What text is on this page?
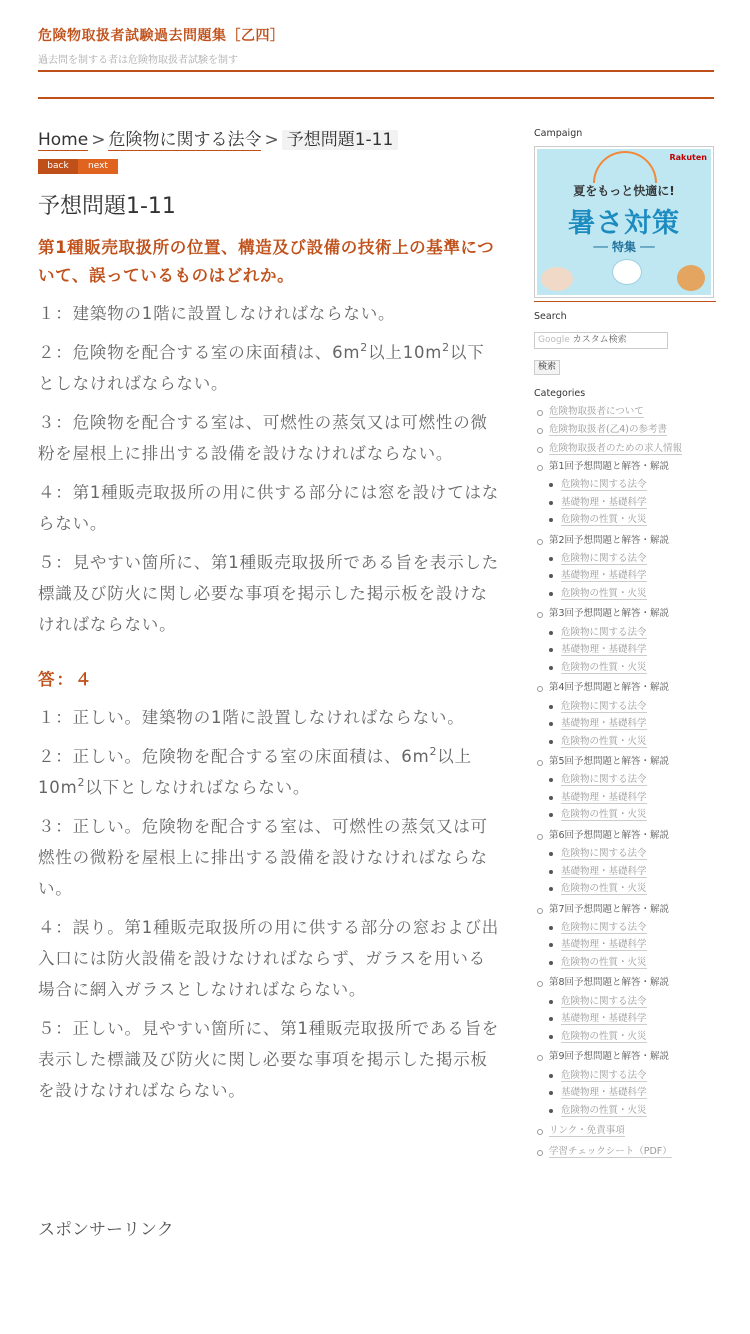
危険物取扱者試験過去問題集［乙四］
過去問を制する者は危険物取扱者試験を制す
Home > 危険物に関する法令 > 予想問題1-11
back	next
予想問題1-11

第1種販売取扱所の位置、構造及び設備の技術上の基準について、誤っているものはどれか。

１：建築物の1階に設置しなければならない。

２：危険物を配合する室の床面積は、$6m^2$以上$10m^2$以下としなければならない。

３：危険物を配合する室は、可燃性の蒸気又は可燃性の微粉を屋根上に排出する設備を設けなければならない。

４：第1種販売取扱所の用に供する部分には窓を設けてはならない。

５：見やすい箇所に、第1種販売取扱所である旨を表示した標識及び防火に関し必要な事項を掲示した掲示板を設けなければならない。

答：４

１：正しい。建築物の1階に設置しなければならない。

２：正しい。危険物を配合する室の床面積は、$6m^2$以上$10m^2$以下としなければならない。

３：正しい。危険物を配合する室は、可燃性の蒸気又は可燃性の微粉を屋根上に排出する設備を設けなければならない。

４：誤り。第1種販売取扱所の用に供する部分の窓および出入口には防火設備を設けなければならず、ガラスを用いる場合に網入ガラスとしなければならない。

５：正しい。見やすい箇所に、第1種販売取扱所である旨を表示した標識及び防火に関し必要な事項を掲示した掲示板を設けなければならない。

スポンサーリンク
Campaign
Rakuten
夏をもっと快適に!
暑さ対策
── 特集 ──
Search
Google カスタム検索
検索
Categories
危険物取扱者について
危険物取扱者(乙4)の参考書
危険物取扱者のための求人情報
第1回予想問題と解答・解説
危険物に関する法令
基礎物理・基礎科学
危険物の性質・火災
第2回予想問題と解答・解説
危険物に関する法令
基礎物理・基礎科学
危険物の性質・火災
第3回予想問題と解答・解説
危険物に関する法令
基礎物理・基礎科学
危険物の性質・火災
第4回予想問題と解答・解説
危険物に関する法令
基礎物理・基礎科学
危険物の性質・火災
第5回予想問題と解答・解説
危険物に関する法令
基礎物理・基礎科学
危険物の性質・火災
第6回予想問題と解答・解説
危険物に関する法令
基礎物理・基礎科学
危険物の性質・火災
第7回予想問題と解答・解説
危険物に関する法令
基礎物理・基礎科学
危険物の性質・火災
第8回予想問題と解答・解説
危険物に関する法令
基礎物理・基礎科学
危険物の性質・火災
第9回予想問題と解答・解説
危険物に関する法令
基礎物理・基礎科学
危険物の性質・火災
リンク・免責事項
学習チェックシート（PDF）
